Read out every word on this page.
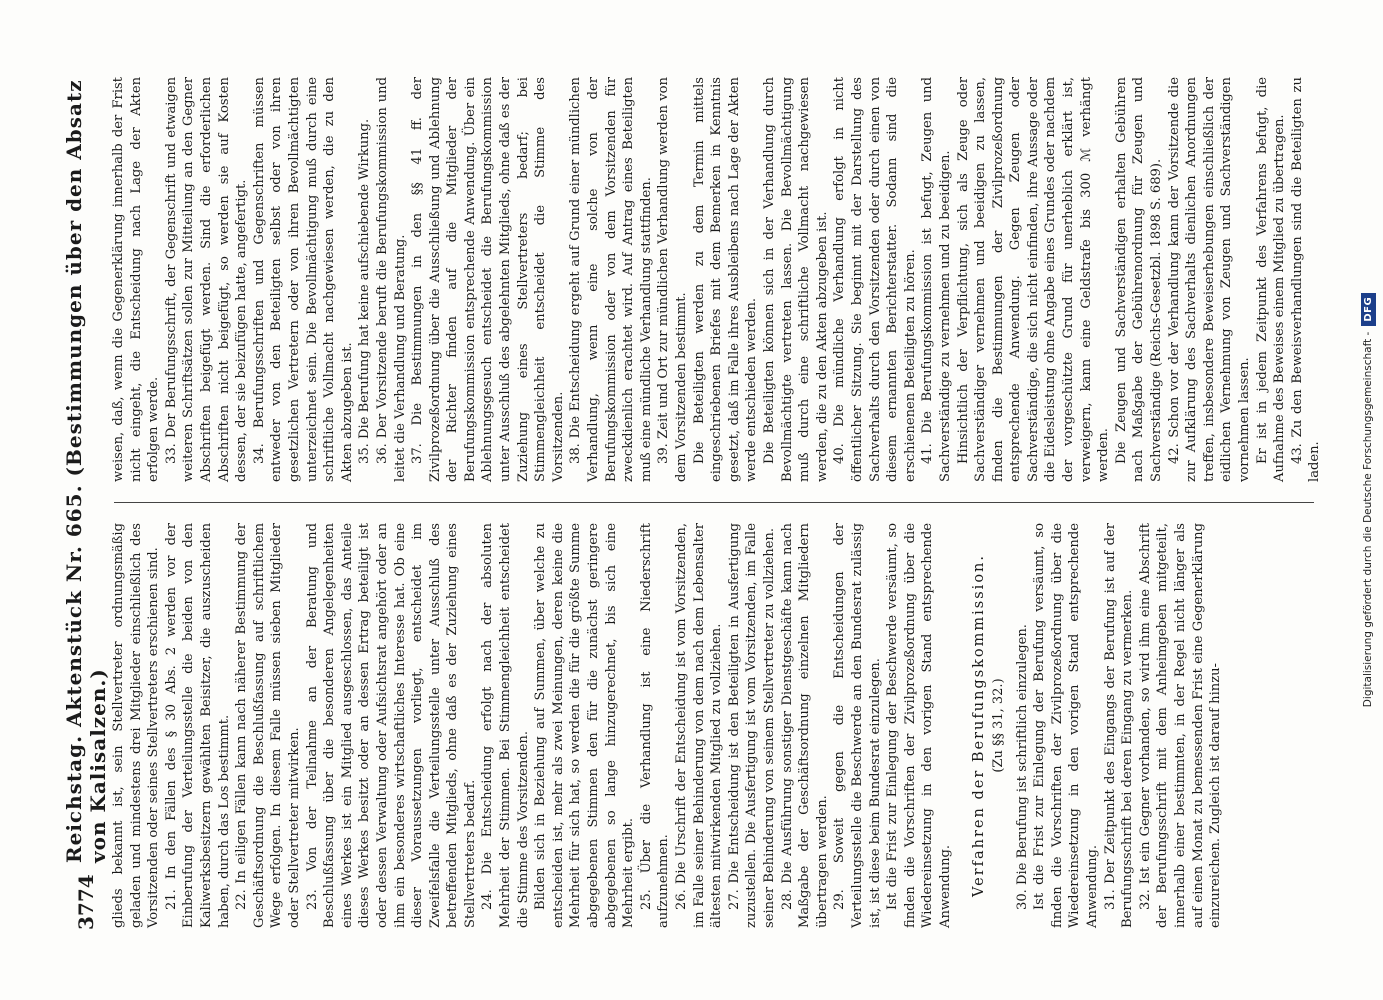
3774
Reichstag. Aktenstück Nr. 665. (Bestimmungen über den Absatz von Kalisalzen.) glieds bekannt ist, sein Stellvertreter ordnungsmäßig geladen und mindestens drei Mitglieder einschließlich des Vorsitzenden oder seines Stellvertreters erschienen sind. 21. In den Fällen des § 30 Abs. 2 werden vor der Einberufung der Verteilungsstelle die beiden von den Kaliwerksbesitzern gewählten Beisitzer, die auszuscheiden haben, durch das Los bestimmt. 22. In eiligen Fällen kann nach näherer Bestimmung der Geschäftsordnung die Beschlußfassung auf schriftlichem Wege erfolgen. In diesem Falle müssen sieben Mitglieder oder Stellvertreter mitwirken. 23. Von der Teilnahme an der Beratung und Beschlußfassung über die besonderen Angelegenheiten eines Werkes ist ein Mitglied ausgeschlossen, das Anteile dieses Werkes besitzt oder an dessen Ertrag beteiligt ist oder dessen Verwaltung oder Aufsichtsrat angehört oder an ihm ein besonderes wirtschaftliches Interesse hat. Ob eine dieser Voraussetzungen vorliegt, entscheidet im Zweifelsfalle die Verteilungsstelle unter Ausschluß des betreffenden Mitglieds, ohne daß es der Zuziehung eines Stellvertreters bedarf. 24. Die Entscheidung erfolgt nach der absoluten Mehrheit der Stimmen. Bei Stimmengleichheit entscheidet die Stimme des Vorsitzenden. Bilden sich in Beziehung auf Summen, über welche zu entscheiden ist, mehr als zwei Meinungen, deren keine die Mehrheit für sich hat, so werden die für die größte Summe abgegebenen Stimmen den für die zunächst geringere abgegebenen so lange hinzugerechnet, bis sich eine Mehrheit ergibt. 25. Über die Verhandlung ist eine Niederschrift aufzunehmen. 26. Die Urschrift der Entscheidung ist vom Vorsitzenden, im Falle seiner Behinderung von dem nach dem Lebensalter ältesten mitwirkenden Mitglied zu vollziehen. 27. Die Entscheidung ist den Beteiligten in Ausfertigung zuzustellen. Die Ausfertigung ist vom Vorsitzenden, im Falle seiner Behinderung von seinem Stellvertreter zu vollziehen. 28. Die Ausführung sonstiger Dienstgeschäfte kann nach Maßgabe der Geschäftsordnung einzelnen Mitgliedern übertragen werden. 29. Soweit gegen die Entscheidungen der Verteilungsstelle die Beschwerde an den Bundesrat zulässig ist, ist diese beim Bundesrat einzulegen. Ist die Frist zur Einlegung der Beschwerde versäumt, so finden die Vorschriften der Zivilprozeßordnung über die Wiedereinsetzung in den vorigen Stand entsprechende Anwendung. Verfahren der Berufungskommission. (Zu §§ 31, 32.) 30. Die Berufung ist schriftlich einzulegen. Ist die Frist zur Einlegung der Berufung versäumt, so finden die Vorschriften der Zivilprozeßordnung über die Wiedereinsetzung in den vorigen Stand entsprechende Anwendung. 31. Der Zeitpunkt des Eingangs der Berufung ist auf der Berufungsschrift bei deren Eingang zu vermerken. 32. Ist ein Gegner vorhanden, so wird ihm eine Abschrift der Berufungsschrift mit dem Anheimgeben mitgeteilt, innerhalb einer bestimmten, in der Regel nicht länger als auf einen Monat zu bemessenden Frist eine Gegenerklärung einzureichen. Zugleich ist darauf hinzu-

weisen, daß, wenn die Gegenerklärung innerhalb der Frist nicht eingeht, die Entscheidung nach Lage der Akten erfolgen werde. 33. Der Berufungsschrift, der Gegenschrift und etwaigen weiteren Schriftsätzen sollen zur Mitteilung an den Gegner Abschriften beigefügt werden. Sind die erforderlichen Abschriften nicht beigefügt, so werden sie auf Kosten dessen, der sie beizufügen hatte, angefertigt. 34. Berufungsschriften und Gegenschriften müssen entweder von den Beteiligten selbst oder von ihren gesetzlichen Vertretern oder von ihren Bevollmächtigten unterzeichnet sein. Die Bevollmächtigung muß durch eine schriftliche Vollmacht nachgewiesen werden, die zu den Akten abzugeben ist. 35. Die Berufung hat keine aufschiebende Wirkung. 36. Der Vorsitzende beruft die Berufungskommission und leitet die Verhandlung und Beratung. 37. Die Bestimmungen in den §§ 41 ff. der Zivilprozeßordnung über die Ausschließung und Ablehnung der Richter finden auf die Mitglieder der Berufungskommission entsprechende Anwendung. Über ein Ablehnungsgesuch entscheidet die Berufungskommission unter Ausschluß des abgelehnten Mitglieds, ohne daß es der Zuziehung eines Stellvertreters bedarf; bei Stimmengleichheit entscheidet die Stimme des Vorsitzenden. 38. Die Entscheidung ergeht auf Grund einer mündlichen Verhandlung, wenn eine solche von der Berufungskommission oder von dem Vorsitzenden für zweckdienlich erachtet wird. Auf Antrag eines Beteiligten muß eine mündliche Verhandlung stattfinden. 39. Zeit und Ort zur mündlichen Verhandlung werden von dem Vorsitzenden bestimmt. Die Beteiligten werden zu dem Termin mittels eingeschriebenen Briefes mit dem Bemerken in Kenntnis gesetzt, daß im Falle ihres Ausbleibens nach Lage der Akten werde entschieden werden. Die Beteiligten können sich in der Verhandlung durch Bevollmächtigte vertreten lassen. Die Bevollmächtigung muß durch eine schriftliche Vollmacht nachgewiesen werden, die zu den Akten abzugeben ist. 40. Die mündliche Verhandlung erfolgt in nicht öffentlicher Sitzung. Sie beginnt mit der Darstellung des Sachverhalts durch den Vorsitzenden oder durch einen von diesem ernannten Berichterstatter. Sodann sind die erschienenen Beteiligten zu hören. 41. Die Berufungskommission ist befugt, Zeugen und Sachverständige zu vernehmen und zu beeidigen. Hinsichtlich der Verpflichtung, sich als Zeuge oder Sachverständiger vernehmen und beeidigen zu lassen, finden die Bestimmungen der Zivilprozeßordnung entsprechende Anwendung. Gegen Zeugen oder Sachverständige, die sich nicht einfinden, ihre Aussage oder die Eidesleistung ohne Angabe eines Grundes oder nachdem der vorgeschützte Grund für unerheblich erklärt ist, verweigern, kann eine Geldstrafe bis 300 ℳ verhängt werden. Die Zeugen und Sachverständigen erhalten Gebühren nach Maßgabe der Gebührenordnung für Zeugen und Sachverständige (Reichs-Gesetzbl. 1898 S. 689). 42. Schon vor der Verhandlung kann der Vorsitzende die zur Aufklärung des Sachverhalts dienlichen Anordnungen treffen, insbesondere Beweiserhebungen einschließlich der eidlichen Vernehmung von Zeugen und Sachverständigen vornehmen lassen. Er ist in jedem Zeitpunkt des Verfahrens befugt, die Aufnahme des Beweises einem Mitglied zu übertragen. 43. Zu den Beweisverhandlungen sind die Beteiligten zu laden.	Digitalisierung gefördert durch die Deutsche Forschungsgemeinschaft -
DFG
